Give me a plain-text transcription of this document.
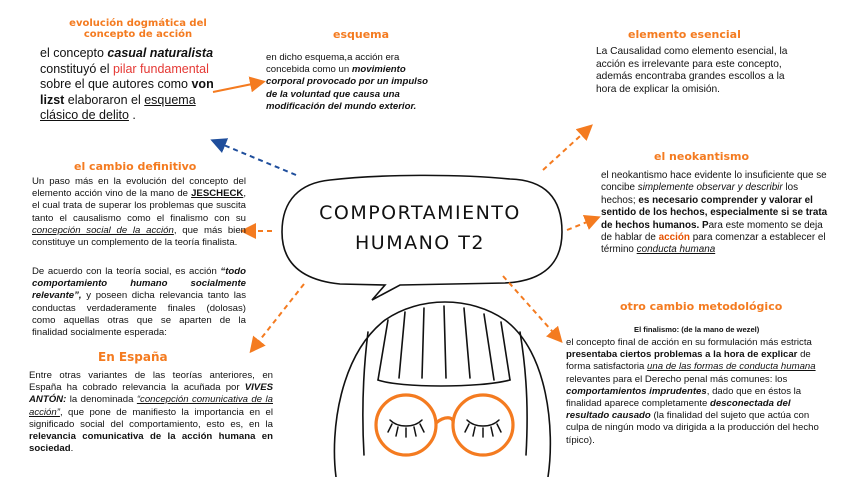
COMPORTAMIENTO
HUMANO T2
evolución dogmática del concepto de acción
el concepto casual naturalista constituyó el pilar fundamental sobre el que autores como von lizst elaboraron el esquema clásico de delito .
esquema
en dicho esquema,a acción era concebida como un movimiento corporal provocado por un impulso de la voluntad que causa una modificación del mundo exterior.
elemento esencial
La Causalidad como elemento esencial, la acción es irrelevante para este concepto, además encontraba grandes escollos a la hora de explicar la omisión.
el cambio definitivo
Un paso más en la evolución del concepto del elemento acción vino de la mano de JESCHECK, el cual trata de superar los problemas que suscita tanto el causalismo como el finalismo con su concepción social de la acción, que más bien constituye un complemento de la teoría finalista.
De acuerdo con la teoría social, es acción “todo comportamiento humano socialmente relevante”, y poseen dicha relevancia tanto las conductas verdaderamente finales (dolosas) como aquellas otras que se aparten de la finalidad socialmente esperada:
el neokantismo
el neokantismo hace evidente lo insuficiente que se concibe simplemente observar y describir los hechos; es necesario comprender y valorar el sentido de los hechos, especialmente si se trata de hechos humanos. Para este momento se deja de hablar de acción para comenzar a establecer el término conducta humana
otro cambio metodológico
El finalismo: (de la mano de wezel)
el concepto final de acción en su formulación más estricta presentaba ciertos problemas a la hora de explicar de forma satisfactoria una de las formas de conducta humana relevantes para el Derecho penal más comunes: los comportamientos imprudentes, dado que en éstos la finalidad aparece completamente desconectada del resultado causado (la finalidad del sujeto que actúa con culpa de ningún modo va dirigida a la producción del hecho típico).
En España
Entre otras variantes de las teorías anteriores, en España ha cobrado relevancia la acuñada por VIVES ANTÓN: la denominada “concepción comunicativa de la acción”, que pone de manifiesto la importancia en el significado social del comportamiento, esto es, en la relevancia comunicativa de la acción humana en sociedad.
